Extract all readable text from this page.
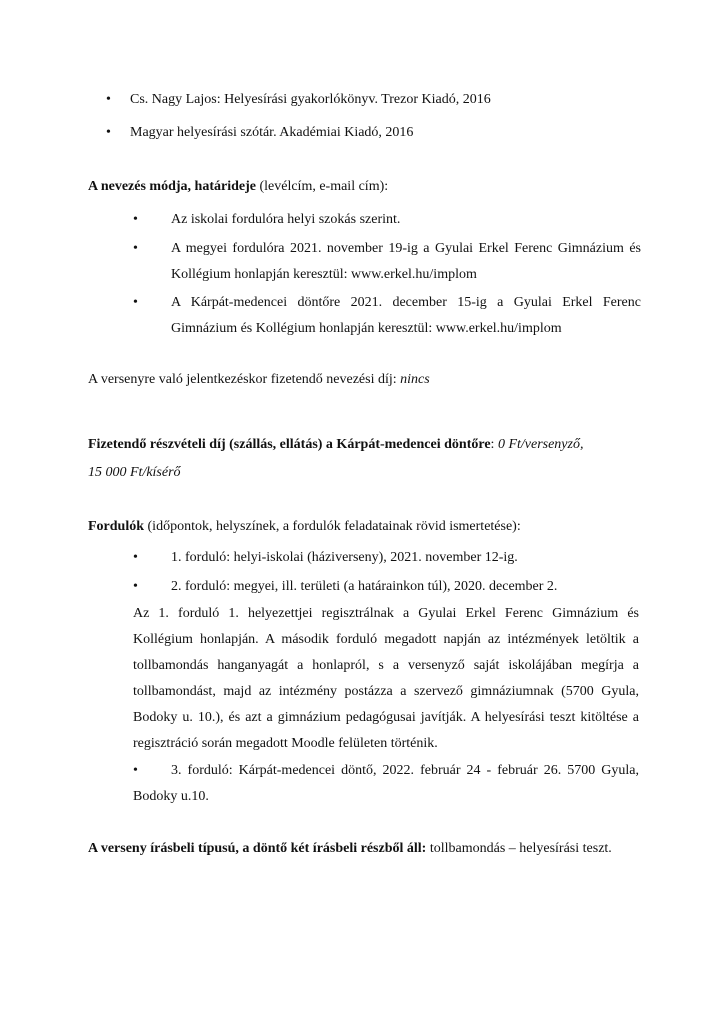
•	Cs. Nagy Lajos: Helyesírási gyakorlókönyv. Trezor Kiadó, 2016
•	Magyar helyesírási szótár. Akadémiai Kiadó, 2016
A nevezés módja, határideje (levélcím, e-mail cím):
•	Az iskolai fordulóra helyi szokás szerint.
•	A megyei fordulóra 2021. november 19-ig a Gyulai Erkel Ferenc Gimnázium és Kollégium honlapján keresztül: www.erkel.hu/implom
•	A Kárpát-medencei döntőre 2021. december 15-ig a Gyulai Erkel Ferenc Gimnázium és Kollégium honlapján keresztül: www.erkel.hu/implom
A versenyre való jelentkezéskor fizetendő nevezési díj: nincs
Fizetendő részvételi díj (szállás, ellátás) a Kárpát-medencei döntőre: 0 Ft/versenyző,
15 000 Ft/kísérő
Fordulók (időpontok, helyszínek, a fordulók feladatainak rövid ismertetése):
•	1. forduló: helyi-iskolai (háziverseny), 2021. november 12-ig.
•	2. forduló: megyei, ill. területi (a határainkon túl), 2020. december 2.
Az 1. forduló 1. helyezettjei regisztrálnak a Gyulai Erkel Ferenc Gimnázium és Kollégium honlapján. A második forduló megadott napján az intézmények letöltik a tollbamondás hanganyagát a honlapról, s a versenyző saját iskolájában megírja a tollbamondást, majd az intézmény postázza a szervező gimnáziumnak (5700 Gyula, Bodoky u. 10.), és azt a gimnázium pedagógusai javítják. A helyesírási teszt kitöltése a regisztráció során megadott Moodle felületen történik.
•	3. forduló: Kárpát-medencei döntő, 2022. február 24 - február 26. 5700 Gyula, Bodoky u.10.
A verseny írásbeli típusú, a döntő két írásbeli részből áll: tollbamondás – helyesírási teszt.
